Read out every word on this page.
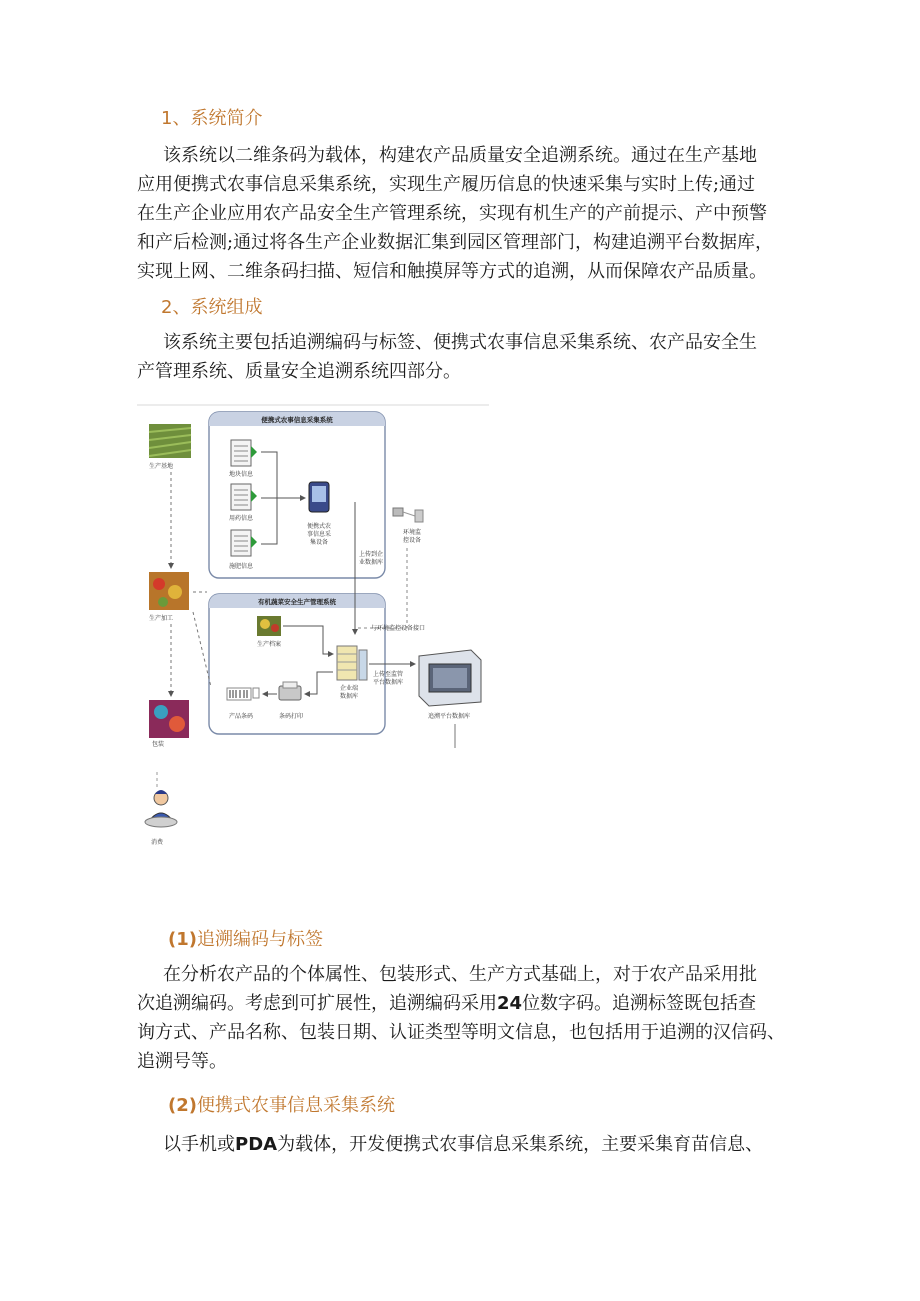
1、系统简介
该系统以二维条码为载体，构建农产品质量安全追溯系统。通过在生产基地
应用便携式农事信息采集系统，实现生产履历信息的快速采集与实时上传;通过
在生产企业应用农产品安全生产管理系统，实现有机生产的产前提示、产中预警
和产后检测;通过将各生产企业数据汇集到园区管理部门，构建追溯平台数据库，
实现上网、二维条码扫描、短信和触摸屏等方式的追溯，从而保障农产品质量。
2、系统组成
该系统主要包括追溯编码与标签、便携式农事信息采集系统、农产品安全生
产管理系统、质量安全追溯系统四部分。
便携式农事信息采集系统
有机蔬菜安全生产管理系统
生产基地
生产加工
包装
地块信息
用药信息
施肥信息
便携式农
事信息采
集设备
上传到企
业数据库
环境监
控设备
与环境监控设备接口
生产档案
企业端
数据库
上传至监管
平台数据库
追溯平台数据库
产品条码	条码打印
消费
(1)追溯编码与标签
在分析农产品的个体属性、包装形式、生产方式基础上，对于农产品采用批
次追溯编码。考虑到可扩展性，追溯编码采用24位数字码。追溯标签既包括查
询方式、产品名称、包装日期、认证类型等明文信息，也包括用于追溯的汉信码、
追溯号等。
(2)便携式农事信息采集系统
以手机或PDA为载体，开发便携式农事信息采集系统，主要采集育苗信息、
